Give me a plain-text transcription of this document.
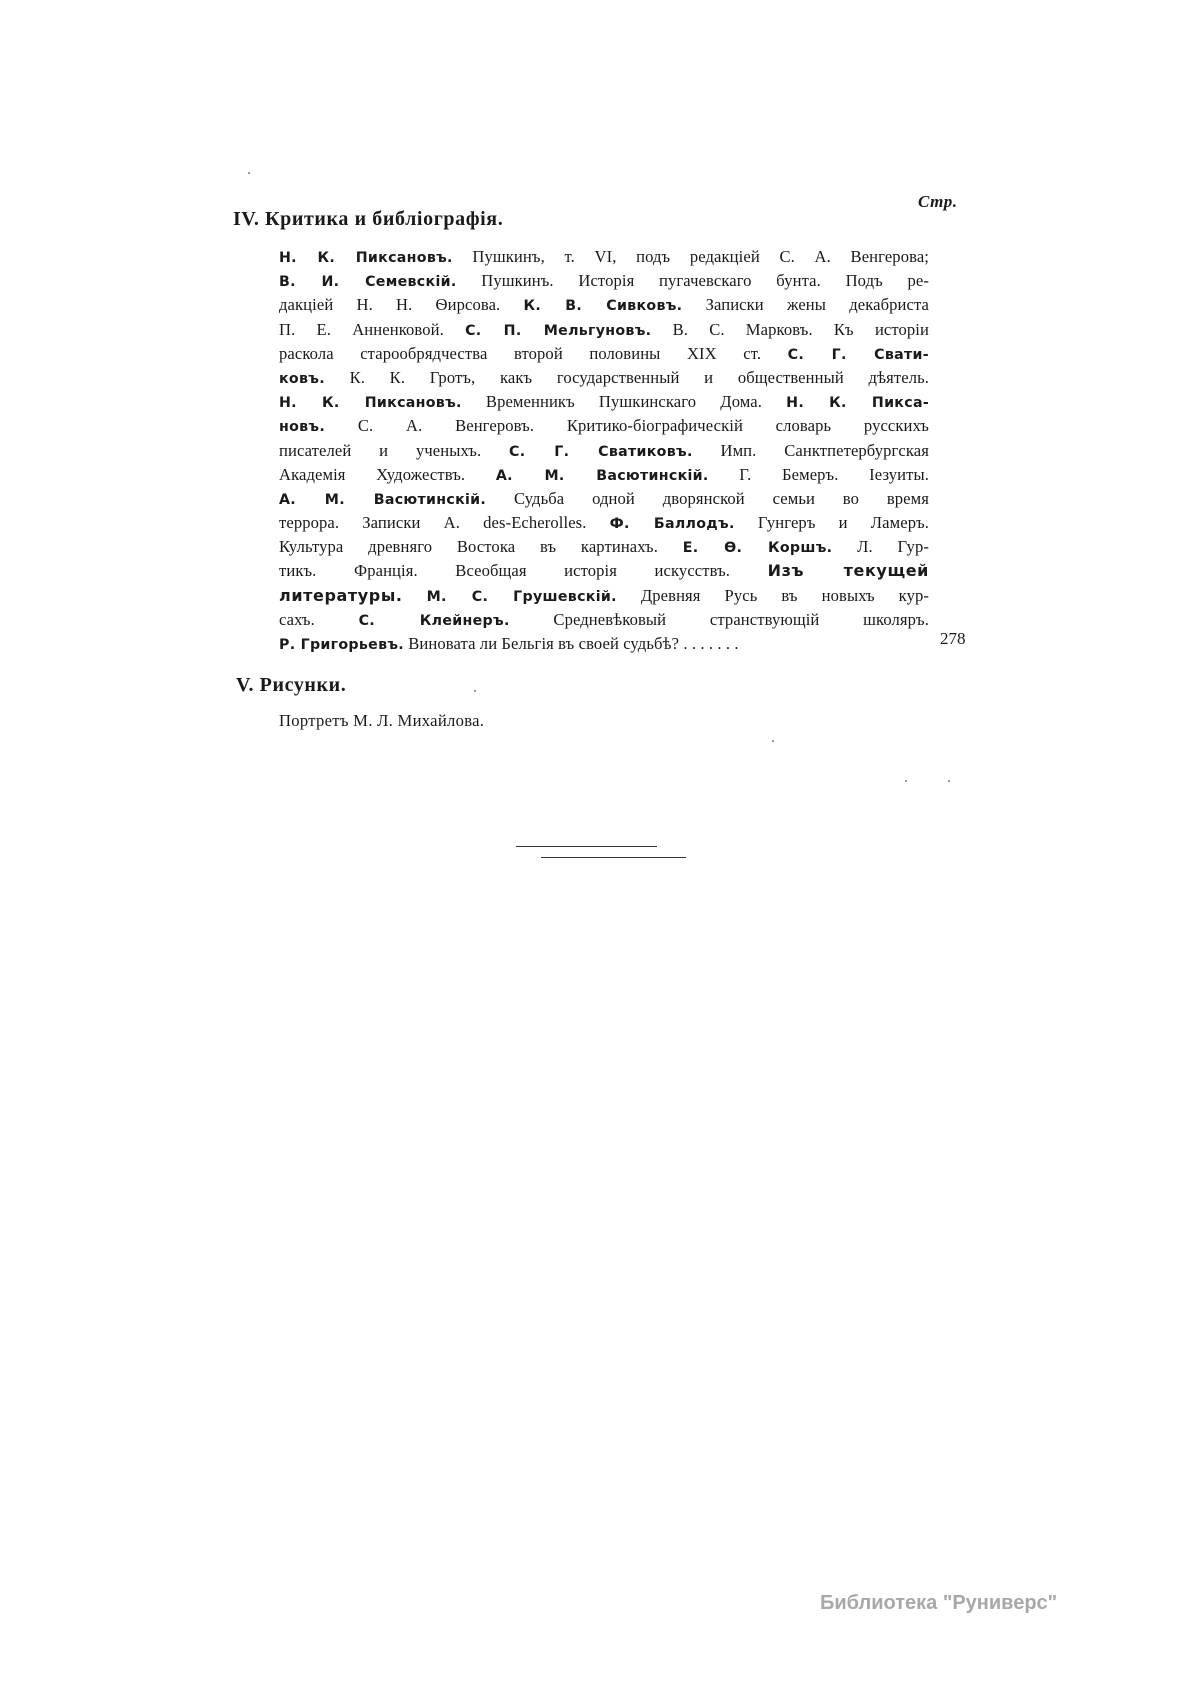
Стр.
IV. Критика и библіографія.
Н. К. Пиксановъ. Пушкинъ, т. VI, подъ редакціей С. А. Венгерова;
В. И. Семевскій. Пушкинъ. Исторія пугачевскаго бунта. Подъ ре-
дакціей Н. Н. Ѳирсова. К. В. Сивковъ. Записки жены декабриста
П. Е. Анненковой. С. П. Мельгуновъ. В. С. Марковъ. Къ исторіи
раскола старообрядчества второй половины XIX ст. С. Г. Свати-
ковъ. К. К. Гротъ, какъ государственный и общественный дѣятель.
Н. К. Пиксановъ. Временникъ Пушкинскаго Дома. Н. К. Пикса-
новъ. С. А. Венгеровъ. Критико-біографическій словарь русскихъ
писателей и ученыхъ. С. Г. Сватиковъ. Имп. Санктпетербургская
Академія Художествъ. А. М. Васютинскій. Г. Бемеръ. Іезуиты.
А. М. Васютинскій. Судьба одной дворянской семьи во время
террора. Записки A. des-Echerolles. Ф. Баллодъ. Гунгеръ и Ламеръ.
Культура древняго Востока въ картинахъ. Е. Ѳ. Коршъ. Л. Гур-
тикъ. Франція. Всеобщая исторія искусствъ. Изъ текущей
литературы. М. С. Грушевскій. Древняя Русь въ новыхъ кур-
сахъ. С. Клейнеръ. Средневѣковый странствующій школяръ.
Р. Григорьевъ. Виновата ли Бельгія въ своей судьбѣ? . . . . . . .	278
V. Рисунки.
Портретъ М. Л. Михайлова.
Библиотека "Руниверс"
